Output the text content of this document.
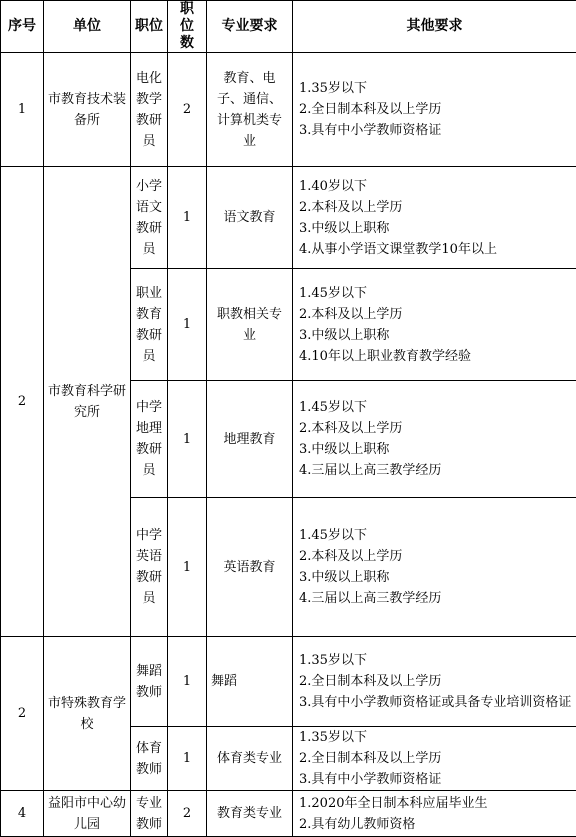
序号	单位	职位	职位数	专业要求	其他要求
1	市教育技术装备所	电化教学教研员	2	教育、电子、通信、计算机类专业	1.35岁以下
2.全日制本科及以上学历
3.具有中小学教师资格证

2	市教育科学研究所	小学语文教研员	1	语文教育	1.40岁以下
2.本科及以上学历
3.中级以上职称
4.从事小学语文课堂教学10年以上

		职业教育教研员	1	职教相关专业	1.45岁以下
2.本科及以上学历
3.中级以上职称
4.10年以上职业教育教学经验

		中学地理教研员	1	地理教育	1.45岁以下
2.本科及以上学历
3.中级以上职称
4.三届以上高三教学经历

		中学英语教研员	1	英语教育	1.45岁以下
2.本科及以上学历
3.中级以上职称
4.三届以上高三教学经历

2	市特殊教育学校	舞蹈教师	1	舞蹈	1.35岁以下
2.全日制本科及以上学历
3.具有中小学教师资格证或具备专业培训资格证

		体育教师	1	体育类专业	1.35岁以下
2.全日制本科及以上学历
3.具有中小学教师资格证

4	益阳市中心幼儿园	专业教师	2	教育类专业	1.2020年全日制本科应届毕业生
2.具有幼儿教师资格
